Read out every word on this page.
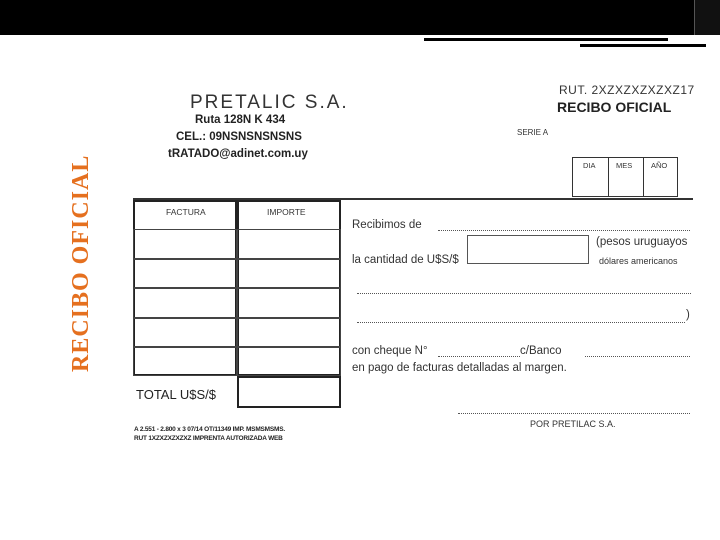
RECIBO OFICIAL
PRETALIC S.A.
Ruta 128N K 434
CEL.: 09NSNSNSNSNS
tRATADO@adinet.com.uy
RUT. 2XZXZXZXZXZ17
RECIBO OFICIAL
SERIE A
DIA	MES AÑO
FACTURA	IMPORTE
TOTAL U$S/$
A 2.551 - 2.800 x 3 07/14 OT/11349 IMP. MSMSMSMS.
RUT 1XZXZXZXZXZ IMPRENTA AUTORIZADA WEB
Recibimos de
la cantidad de U$S/$
(pesos uruguayos
dólares americanos
)
con cheque N°	c/Banco
en pago de facturas detalladas al margen.
POR PRETILAC S.A.
